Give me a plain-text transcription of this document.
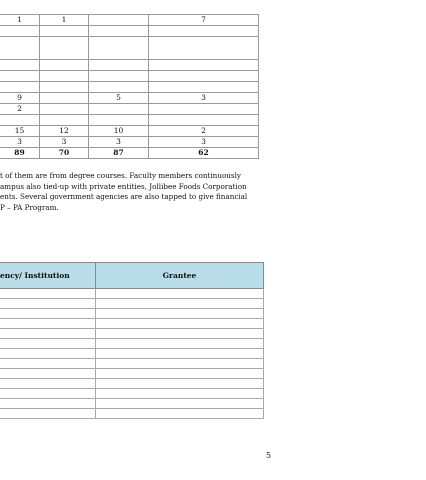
1	1		7

9		5	3
2			

15	12	10	2
3	3	3	3
89	70	87	62
t of them are from degree courses. Faculty members continuously
ampus also tied-up with private entities, Jollibee Foods Corporation
ents. Several government agencies are also tapped to give financial
P – PA Program.
ency/ Institution	Grantee

5
